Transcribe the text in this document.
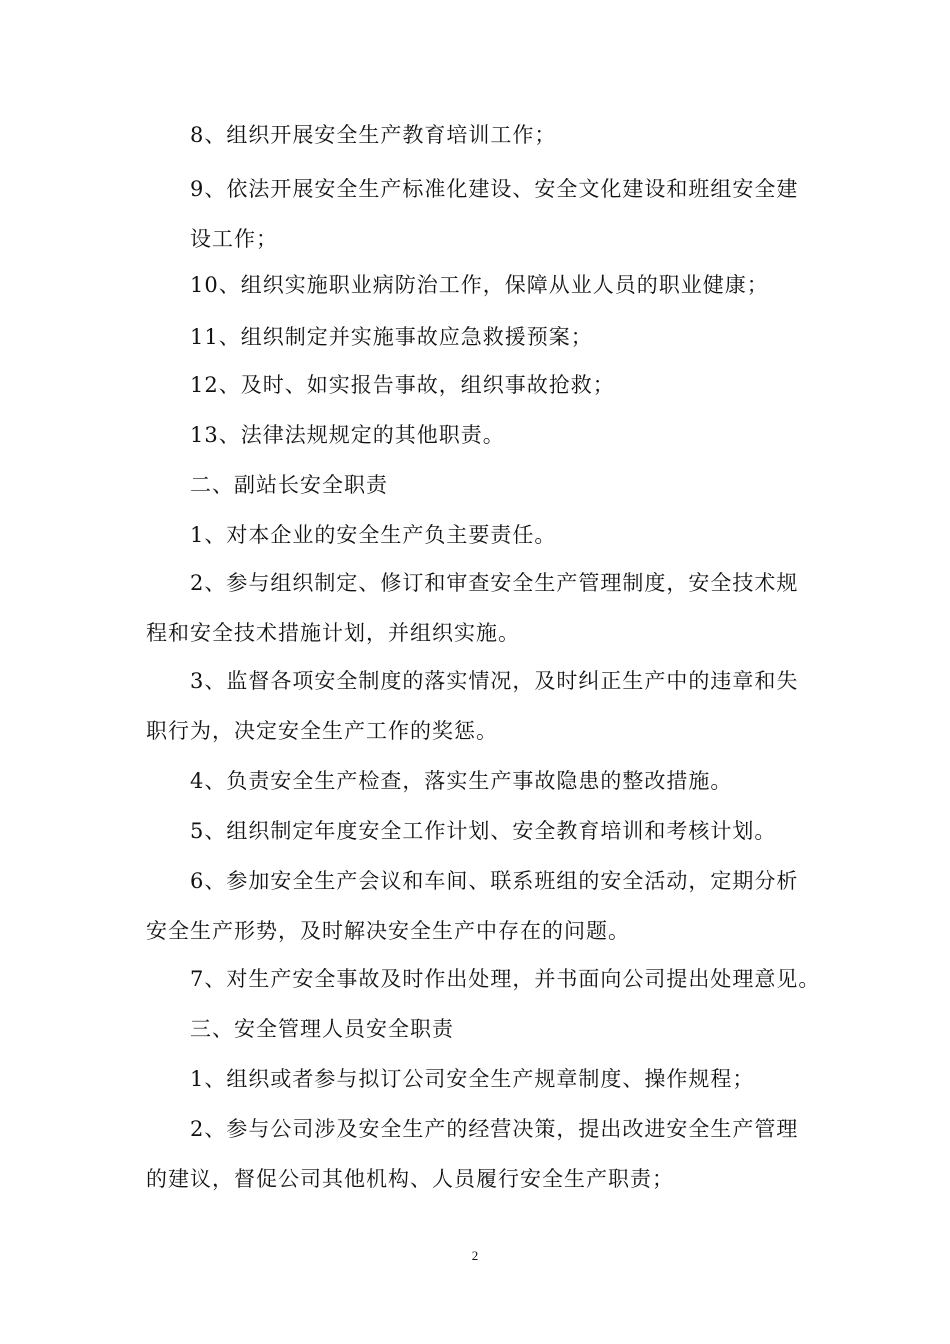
8、组织开展安全生产教育培训工作；
9、依法开展安全生产标准化建设、安全文化建设和班组安全建
设工作；
10、组织实施职业病防治工作，保障从业人员的职业健康；
11、组织制定并实施事故应急救援预案；
12、及时、如实报告事故，组织事故抢救；
13、法律法规规定的其他职责。
二、副站长安全职责
1、对本企业的安全生产负主要责任。
2、参与组织制定、修订和审查安全生产管理制度，安全技术规
程和安全技术措施计划，并组织实施。
3、监督各项安全制度的落实情况，及时纠正生产中的违章和失
职行为，决定安全生产工作的奖惩。
4、负责安全生产检查，落实生产事故隐患的整改措施。
5、组织制定年度安全工作计划、安全教育培训和考核计划。
6、参加安全生产会议和车间、联系班组的安全活动，定期分析
安全生产形势，及时解决安全生产中存在的问题。
7、对生产安全事故及时作出处理，并书面向公司提出处理意见。
三、安全管理人员安全职责
1、组织或者参与拟订公司安全生产规章制度、操作规程；
2、参与公司涉及安全生产的经营决策，提出改进安全生产管理
的建议，督促公司其他机构、人员履行安全生产职责；
2
